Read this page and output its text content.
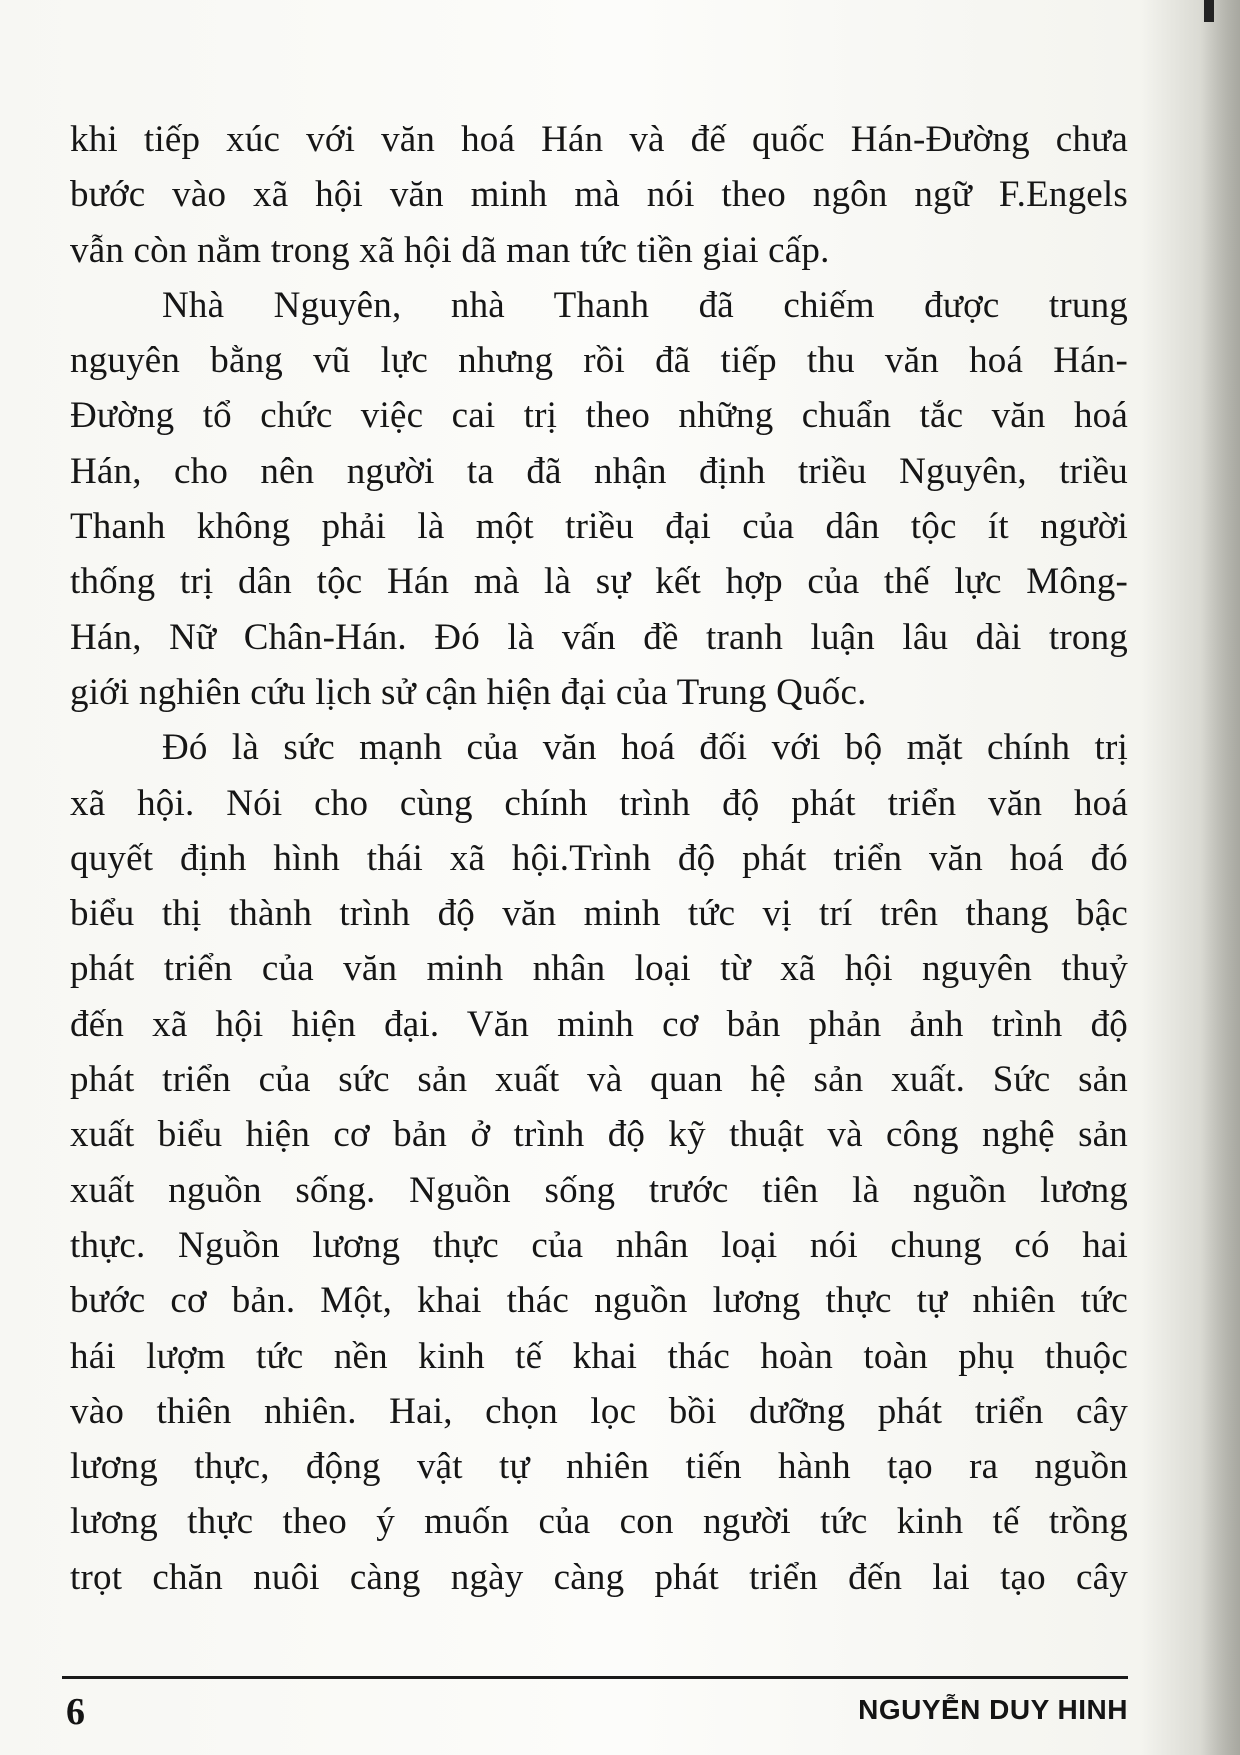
khi tiếp xúc với văn hoá Hán và đế quốc Hán-Đường chưa
bước vào xã hội văn minh mà nói theo ngôn ngữ F.Engels
vẫn còn nằm trong xã hội dã man tức tiền giai cấp.
Nhà Nguyên, nhà Thanh đã chiếm được trung
nguyên bằng vũ lực nhưng rồi đã tiếp thu văn hoá Hán-
Đường tổ chức việc cai trị theo những chuẩn tắc văn hoá
Hán, cho nên người ta đã nhận định triều Nguyên, triều
Thanh không phải là một triều đại của dân tộc ít người
thống trị dân tộc Hán mà là sự kết hợp của thế lực Mông-
Hán, Nữ Chân-Hán. Đó là vấn đề tranh luận lâu dài trong
giới nghiên cứu lịch sử cận hiện đại của Trung Quốc.
Đó là sức mạnh của văn hoá đối với bộ mặt chính trị
xã hội. Nói cho cùng chính trình độ phát triển văn hoá
quyết định hình thái xã hội.Trình độ phát triển văn hoá đó
biểu thị thành trình độ văn minh tức vị trí trên thang bậc
phát triển của văn minh nhân loại từ xã hội nguyên thuỷ
đến xã hội hiện đại. Văn minh cơ bản phản ảnh trình độ
phát triển của sức sản xuất và quan hệ sản xuất. Sức sản
xuất biểu hiện cơ bản ở trình độ kỹ thuật và công nghệ sản
xuất nguồn sống. Nguồn sống trước tiên là nguồn lương
thực. Nguồn lương thực của nhân loại nói chung có hai
bước cơ bản. Một, khai thác nguồn lương thực tự nhiên tức
hái lượm tức nền kinh tế khai thác hoàn toàn phụ thuộc
vào thiên nhiên. Hai, chọn lọc bồi dưỡng phát triển cây
lương thực, động vật tự nhiên tiến hành tạo ra nguồn
lương thực theo ý muốn của con người tức kinh tế trồng
trọt chăn nuôi càng ngày càng phát triển đến lai tạo cây
6	NGUYỄN DUY HINH
